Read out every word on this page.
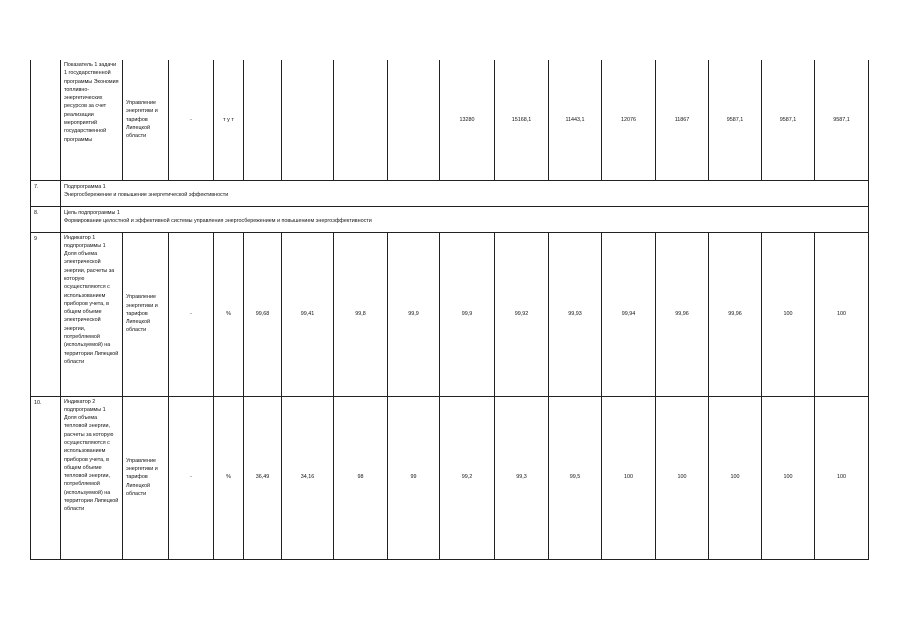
	Показатель 1 задачи 1 государственной программы Экономия топливно-энергетических ресурсов за счет реализации мероприятий государственной программы	Управление энергетики и тарифов Липецкой области	-	т у т					13280	15168,1	11443,1	12076	11867	9587,1	9587,1	9587,1
7.	Подпрограмма 1
Энергосбережение и повышение энергетической эффективности															

8.	Цель подпрограммы 1
Формирование целостной и эффективной системы управления энергосбережением и повышением энергоэффективности															

9	Индикатор 1 подпрограммы 1 Доля объема электрической энергии, расчеты за которую осуществляются с использованием приборов учета, в общем объеме электрической энергии, потребляемой (используемой) на территории Липецкой области	Управление энергетики и тарифов Липецкой области	-	%	99,68	99,41	99,8	99,9	99,9	99,92	99,93	99,94	99,96	99,96	100	100
10.	Индикатор 2 подпрограммы 1 Доля объема тепловой энергии, расчеты за которую осуществляются с использованием приборов учета, в общем объеме тепловой энергии, потребляемой (используемой) на территории Липецкой области	Управление энергетики и тарифов Липецкой области	-	%	36,49	34,16	98	99	99,2	99,3	99,5	100	100	100	100	100
